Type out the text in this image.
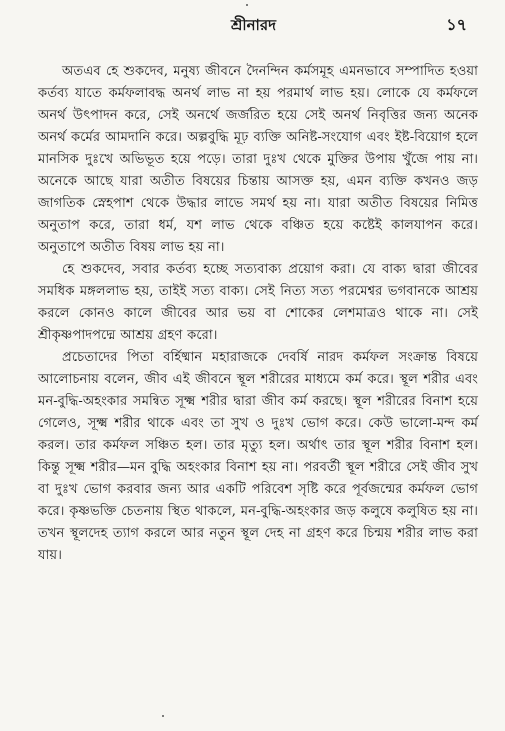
শ্রীনারদ	১৭

অতএব হে শুকদেব, মনুষ্য জীবনে দৈনন্দিন কর্মসমূহ এমনভাবে সম্পাদিত হওয়া কর্তব্য যাতে কর্মফলাবদ্ধ অনর্থ লাভ না হয় পরমার্থ লাভ হয়। লোকে যে কর্মফলে অনর্থ উৎপাদন করে, সেই অনর্থে জর্জরিত হয়ে সেই অনর্থ নিবৃত্তির জন্য অনেক অনর্থ কর্মের আমদানি করে। অল্পবুদ্ধি মূঢ় ব্যক্তি অনিষ্ট-সংযোগ এবং ইষ্ট-বিয়োগ হলে মানসিক দুঃখে অভিভূত হয়ে পড়ে। তারা দুঃখ থেকে মুক্তির উপায় খুঁজে পায় না। অনেকে আছে যারা অতীত বিষয়ের চিন্তায় আসক্ত হয়, এমন ব্যক্তি কখনও জড় জাগতিক স্নেহপাশ থেকে উদ্ধার লাভে সমর্থ হয় না। যারা অতীত বিষয়ের নিমিত্ত অনুতাপ করে, তারা ধর্ম, যশ লাভ থেকে বঞ্চিত হয়ে কষ্টেই কালযাপন করে। অনুতাপে অতীত বিষয় লাভ হয় না।

হে শুকদেব, সবার কর্তব্য হচ্ছে সত্যবাক্য প্রয়োগ করা। যে বাক্য দ্বারা জীবের সমধিক মঙ্গললাভ হয়, তাইই সত্য বাক্য। সেই নিত্য সত্য পরমেশ্বর ভগবানকে আশ্রয় করলে কোনও কালে জীবের আর ভয় বা শোকের লেশমাত্রও থাকে না। সেই শ্রীকৃষ্ণপাদপদ্মে আশ্রয় গ্রহণ করো।

প্রচেতাদের পিতা বর্হিষ্মান মহারাজকে দেবর্ষি নারদ কর্মফল সংক্রান্ত বিষয়ে আলোচনায় বলেন, জীব এই জীবনে স্থূল শরীরের মাধ্যমে কর্ম করে। স্থূল শরীর এবং মন-বুদ্ধি-অহংকার সমন্বিত সূক্ষ্ম শরীর দ্বারা জীব কর্ম করছে। স্থূল শরীরের বিনাশ হয়ে গেলেও, সূক্ষ্ম শরীর থাকে এবং তা সুখ ও দুঃখ ভোগ করে। কেউ ভালো-মন্দ কর্ম করল। তার কর্মফল সঞ্চিত হল। তার মৃত্যু হল। অর্থাৎ তার স্থূল শরীর বিনাশ হল। কিন্তু সূক্ষ্ম শরীর—মন বুদ্ধি অহংকার বিনাশ হয় না। পরবর্তী স্থূল শরীরে সেই জীব সুখ বা দুঃখ ভোগ করবার জন্য আর একটি পরিবেশ সৃষ্টি করে পূর্বজন্মের কর্মফল ভোগ করে। কৃষ্ণভক্তি চেতনায় স্থিত থাকলে, মন-বুদ্ধি-অহংকার জড় কলুষে কলুষিত হয় না। তখন স্থূলদেহ ত্যাগ করলে আর নতুন স্থূল দেহ না গ্রহণ করে চিন্ময় শরীর লাভ করা যায়।
